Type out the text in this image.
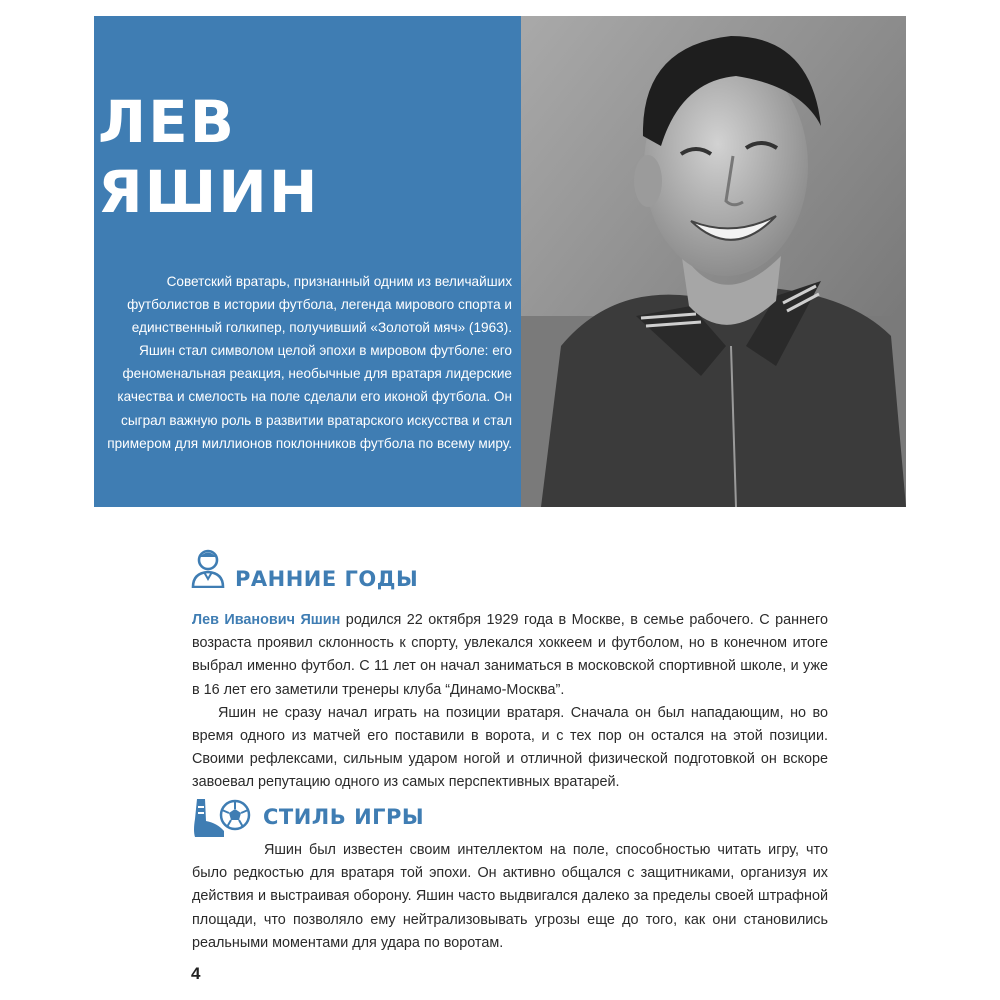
ЛЕВ
ЯШИН

Советский вратарь, признанный одним из величайших футболистов в истории футбола, легенда мирового спорта и единственный голкипер, получивший «Золотой мяч» (1963). Яшин стал символом целой эпохи в мировом футболе: его феноменальная реакция, необычные для вратаря лидерские качества и смелость на поле сделали его иконой футбола. Он сыграл важную роль в развитии вратарского искусства и стал примером для миллионов поклонников футбола по всему миру.

РАННИЕ ГОДЫ

Лев Иванович Яшин родился 22 октября 1929 года в Москве, в семье рабочего. С раннего возраста проявил склонность к спорту, увлекался хоккеем и футболом, но в конечном итоге выбрал именно футбол. С 11 лет он начал заниматься в московской спортивной школе, и уже в 16 лет его заметили тренеры клуба “Динамо-Москва”.

Яшин не сразу начал играть на позиции вратаря. Сначала он был нападающим, но во время одного из матчей его поставили в ворота, и с тех пор он остался на этой позиции. Своими рефлексами, сильным ударом ногой и отличной физической подготовкой он вскоре завоевал репутацию одного из самых перспективных вратарей.

СТИЛЬ ИГРЫ

Яшин был известен своим интеллектом на поле, способностью читать игру, что было редкостью для вратаря той эпохи. Он активно общался с защитниками, организуя их действия и выстраивая оборону. Яшин часто выдвигался далеко за пределы своей штрафной площади, что позволяло ему нейтрализовывать угрозы еще до того, как они становились реальными моментами для удара по воротам.

4
